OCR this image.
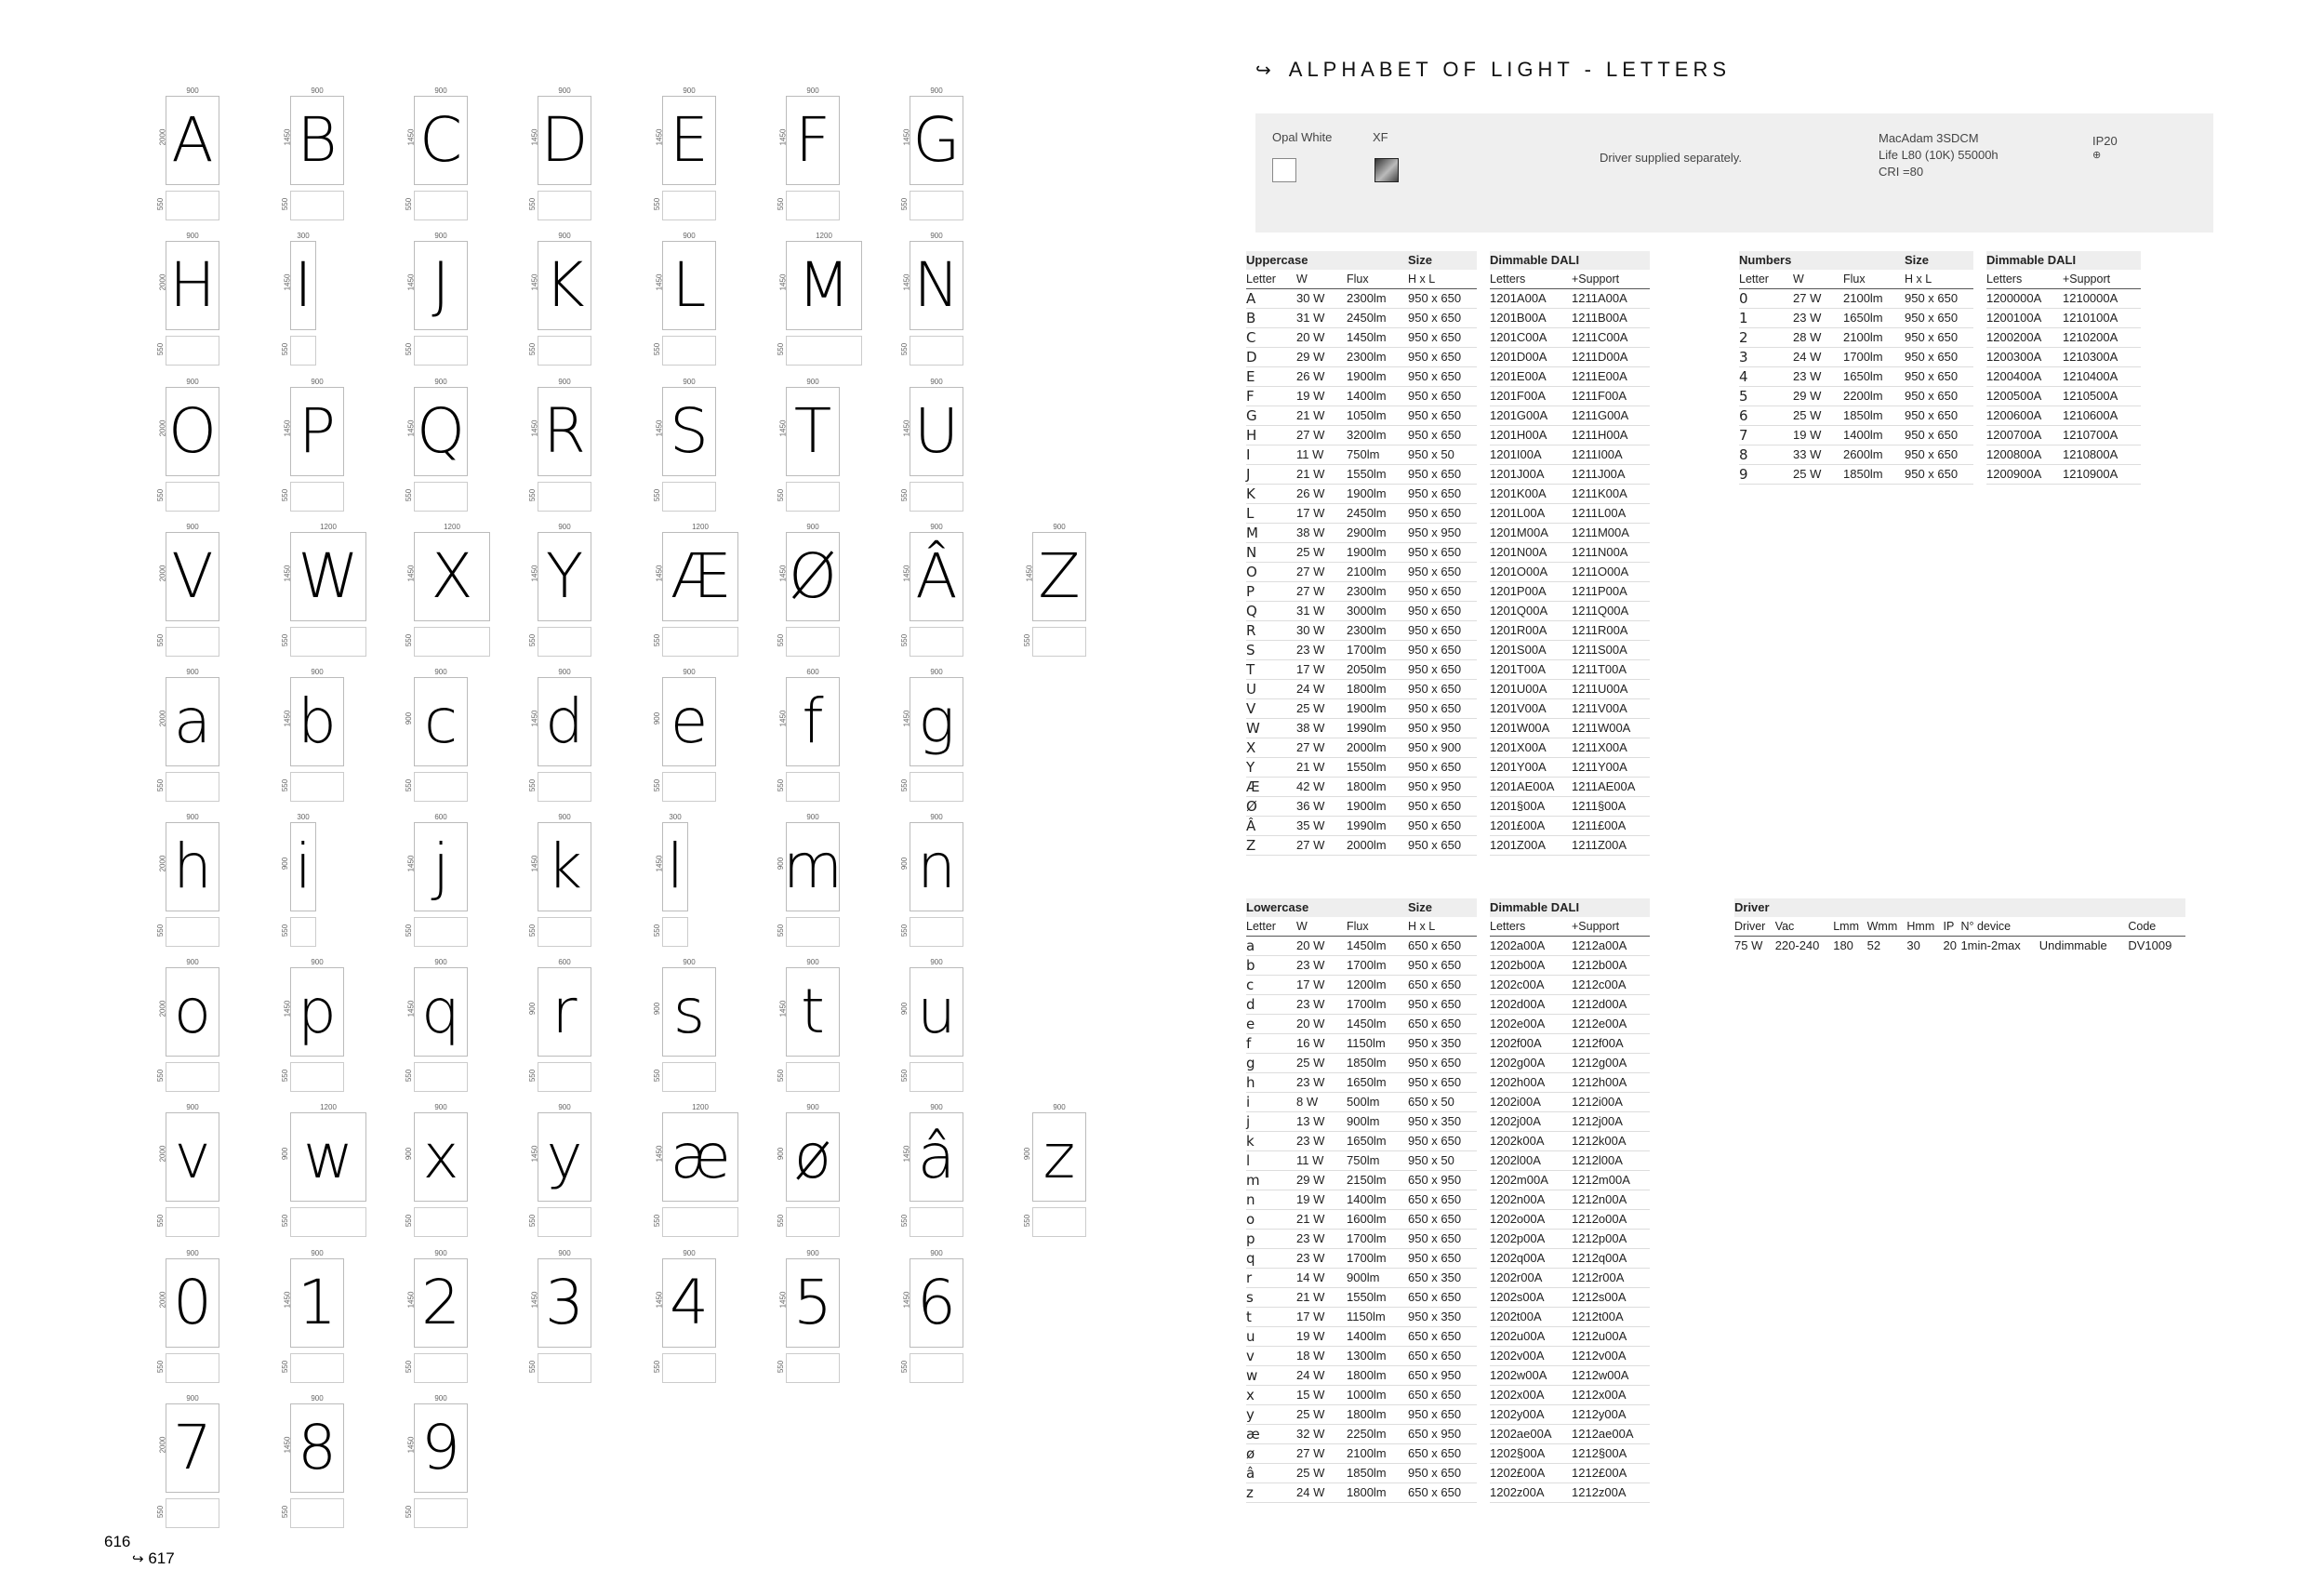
900
A
2000
550
900
B
1450
550
900
C
1450
550
900
D
1450
550
900
E
1450
550
900
F
1450
550
900
G
1450
550
900
H
2000
550
300
I
1450
550
900
J
1450
550
900
K
1450
550
900
L
1450
550
1200
M
1450
550
900
N
1450
550
900
O
2000
550
900
P
1450
550
900
Q
1450
550
900
R
1450
550
900
S
1450
550
900
T
1450
550
900
U
1450
550
900
V
2000
550
1200
W
1450
550
1200
X
1450
550
900
Y
1450
550
1200
Æ
1450
550
900
Ø
1450
550
900
Â
1450
550
900
Z
1450
550
900
a
2000
550
900
b
1450
550
900
c
900
550
900
d
1450
550
900
e
900
550
600
f
1450
550
900
g
1450
550
900
h
2000
550
300
i
900
550
600
j
1450
550
900
k
1450
550
300
l
1450
550
900
m
900
550
900
n
900
550
900
o
2000
550
900
p
1450
550
900
q
1450
550
600
r
900
550
900
s
900
550
900
t
1450
550
900
u
900
550
900
v
2000
550
1200
w
900
550
900
x
900
550
900
y
1450
550
1200
æ
1450
550
900
ø
900
550
900
â
1450
550
900
z
900
550
900
0
2000
550
900
1
1450
550
900
2
1450
550
900
3
1450
550
900
4
1450
550
900
5
1450
550
900
6
1450
550
900
7
2000
550
900
8
1450
550
900
9
1450
550
616
↪ 617
↪ ALPHABET OF LIGHT - LETTERS
Opal White	XF
Driver supplied separately.
MacAdam 3SDCM
Life L80 (10K) 55000h
CRI =80
IP20
⊕
Uppercase			Size		Dimmable DALI	
Letter	W	Flux	H x L		Letters	+Support
A	30 W	2300lm	950 x 650		1201A00A	1211A00A
B	31 W	2450lm	950 x 650		1201B00A	1211B00A
C	20 W	1450lm	950 x 650		1201C00A	1211C00A
D	29 W	2300lm	950 x 650		1201D00A	1211D00A
E	26 W	1900lm	950 x 650		1201E00A	1211E00A
F	19 W	1400lm	950 x 650		1201F00A	1211F00A
G	21 W	1050lm	950 x 650		1201G00A	1211G00A
H	27 W	3200lm	950 x 650		1201H00A	1211H00A
I	11 W	750lm	950 x 50		1201I00A	1211I00A
J	21 W	1550lm	950 x 650		1201J00A	1211J00A
K	26 W	1900lm	950 x 650		1201K00A	1211K00A
L	17 W	2450lm	950 x 650		1201L00A	1211L00A
M	38 W	2900lm	950 x 950		1201M00A	1211M00A
N	25 W	1900lm	950 x 650		1201N00A	1211N00A
O	27 W	2100lm	950 x 650		1201O00A	1211O00A
P	27 W	2300lm	950 x 650		1201P00A	1211P00A
Q	31 W	3000lm	950 x 650		1201Q00A	1211Q00A
R	30 W	2300lm	950 x 650		1201R00A	1211R00A
S	23 W	1700lm	950 x 650		1201S00A	1211S00A
T	17 W	2050lm	950 x 650		1201T00A	1211T00A
U	24 W	1800lm	950 x 650		1201U00A	1211U00A
V	25 W	1900lm	950 x 650		1201V00A	1211V00A
W	38 W	1990lm	950 x 950		1201W00A	1211W00A
X	27 W	2000lm	950 x 900		1201X00A	1211X00A
Y	21 W	1550lm	950 x 650		1201Y00A	1211Y00A
Æ	42 W	1800lm	950 x 950		1201AE00A	1211AE00A
Ø	36 W	1900lm	950 x 650		1201§00A	1211§00A
Â	35 W	1990lm	950 x 650		1201£00A	1211£00A
Z	27 W	2000lm	950 x 650		1201Z00A	1211Z00A
Numbers			Size		Dimmable DALI	
Letter	W	Flux	H x L		Letters	+Support
0	27 W	2100lm	950 x 650		1200000A	1210000A
1	23 W	1650lm	950 x 650		1200100A	1210100A
2	28 W	2100lm	950 x 650		1200200A	1210200A
3	24 W	1700lm	950 x 650		1200300A	1210300A
4	23 W	1650lm	950 x 650		1200400A	1210400A
5	29 W	2200lm	950 x 650		1200500A	1210500A
6	25 W	1850lm	950 x 650		1200600A	1210600A
7	19 W	1400lm	950 x 650		1200700A	1210700A
8	33 W	2600lm	950 x 650		1200800A	1210800A
9	25 W	1850lm	950 x 650		1200900A	1210900A
Lowercase			Size		Dimmable DALI	
Letter	W	Flux	H x L		Letters	+Support
a	20 W	1450lm	650 x 650		1202a00A	1212a00A
b	23 W	1700lm	950 x 650		1202b00A	1212b00A
c	17 W	1200lm	650 x 650		1202c00A	1212c00A
d	23 W	1700lm	950 x 650		1202d00A	1212d00A
e	20 W	1450lm	650 x 650		1202e00A	1212e00A
f	16 W	1150lm	950 x 350		1202f00A	1212f00A
g	25 W	1850lm	950 x 650		1202g00A	1212g00A
h	23 W	1650lm	950 x 650		1202h00A	1212h00A
i	8 W	500lm	650 x 50		1202i00A	1212i00A
j	13 W	900lm	950 x 350		1202j00A	1212j00A
k	23 W	1650lm	950 x 650		1202k00A	1212k00A
l	11 W	750lm	950 x 50		1202l00A	1212l00A
m	29 W	2150lm	650 x 950		1202m00A	1212m00A
n	19 W	1400lm	650 x 650		1202n00A	1212n00A
o	21 W	1600lm	650 x 650		1202o00A	1212o00A
p	23 W	1700lm	950 x 650		1202p00A	1212p00A
q	23 W	1700lm	950 x 650		1202q00A	1212q00A
r	14 W	900lm	650 x 350		1202r00A	1212r00A
s	21 W	1550lm	650 x 650		1202s00A	1212s00A
t	17 W	1150lm	950 x 350		1202t00A	1212t00A
u	19 W	1400lm	650 x 650		1202u00A	1212u00A
v	18 W	1300lm	650 x 650		1202v00A	1212v00A
w	24 W	1800lm	650 x 950		1202w00A	1212w00A
x	15 W	1000lm	650 x 650		1202x00A	1212x00A
y	25 W	1800lm	950 x 650		1202y00A	1212y00A
æ	32 W	2250lm	650 x 950		1202ae00A	1212ae00A
ø	27 W	2100lm	650 x 650		1202§00A	1212§00A
â	25 W	1850lm	950 x 650		1202£00A	1212£00A
z	24 W	1800lm	650 x 650		1202z00A	1212z00A
Driver								
Driver	Vac	Lmm	Wmm	Hmm	IP	N° device		Code
75 W	220-240	180	52	30	20	1min-2max	Undimmable	DV1009
